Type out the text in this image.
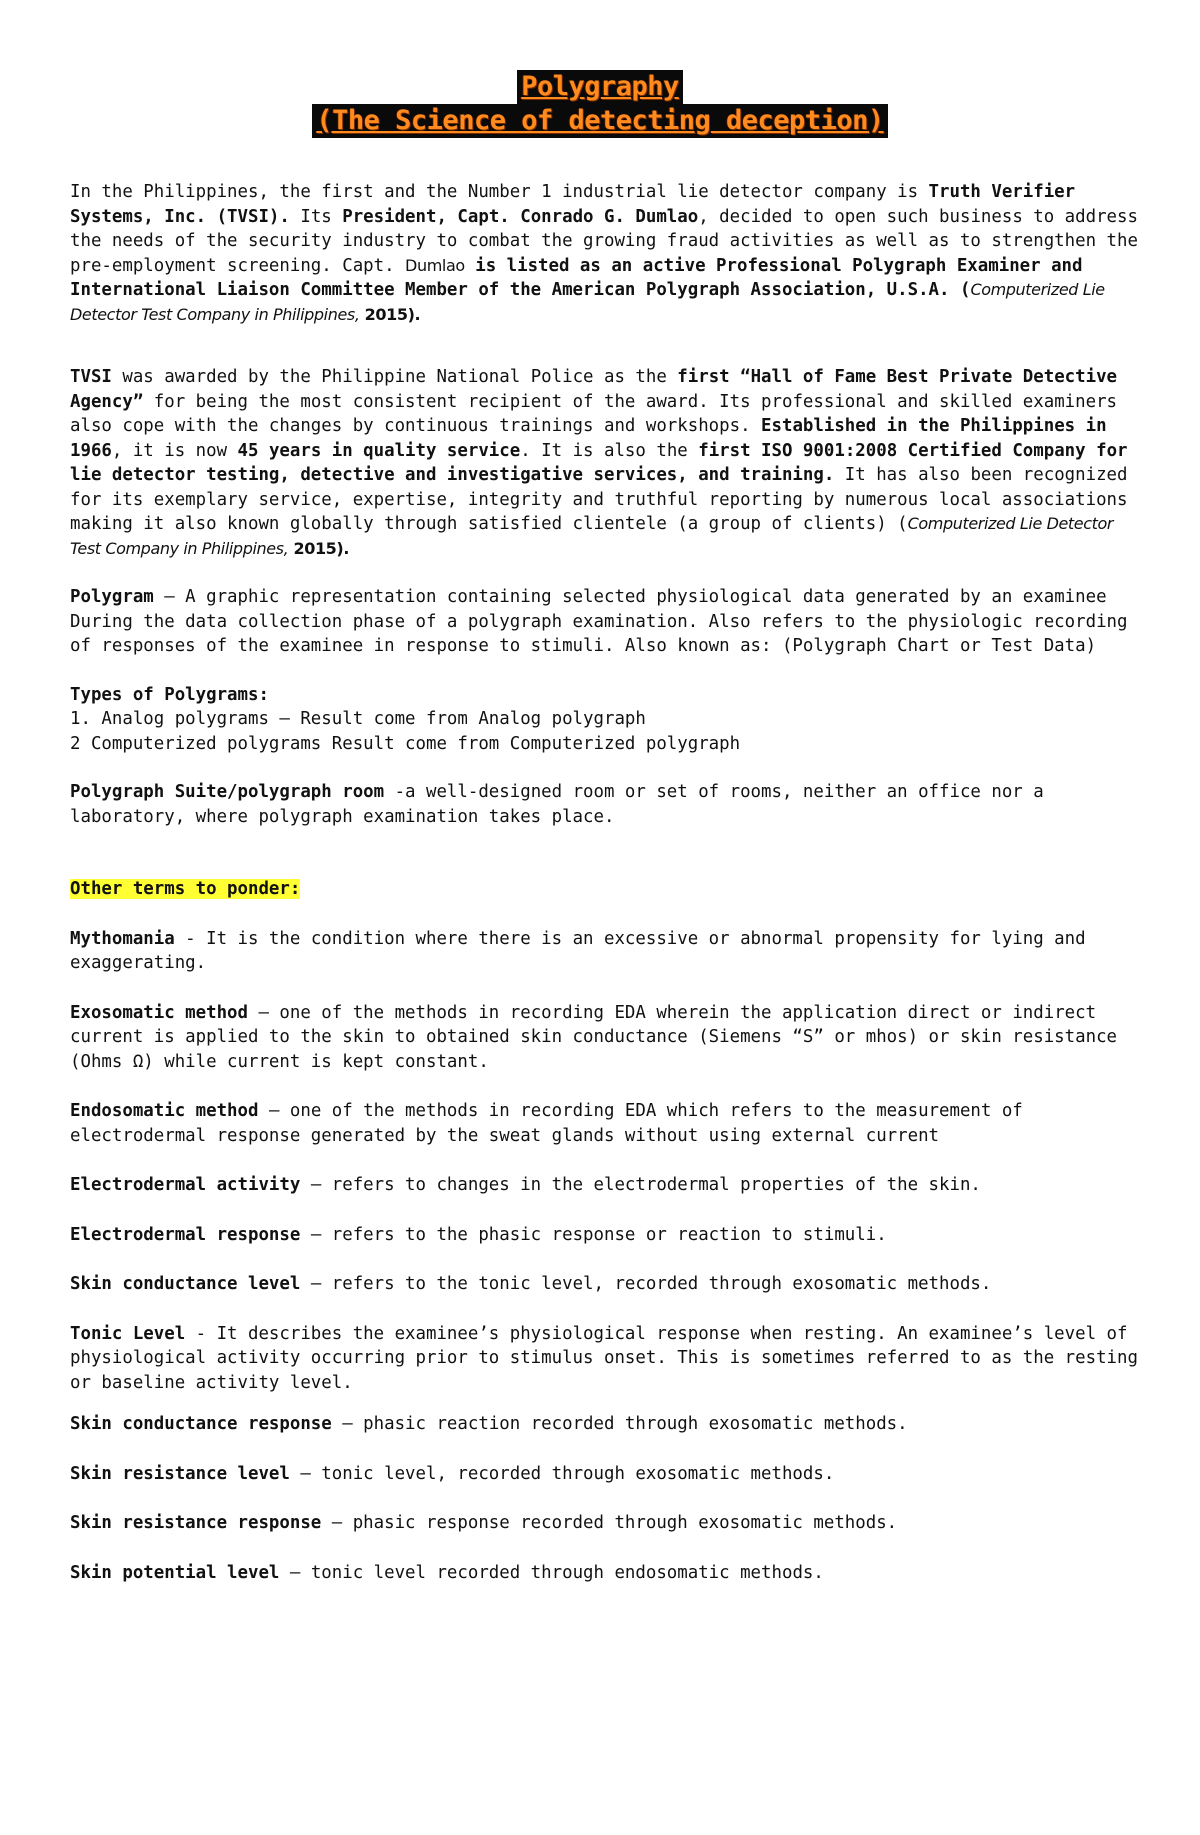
Polygraphy
(The Science of detecting deception)

In the Philippines, the first and the Number 1 industrial lie detector company is Truth Verifier Systems, Inc. (TVSI). Its President, Capt. Conrado G. Dumlao, decided to open such business to address the needs of the security industry to combat the growing fraud activities as well as to strengthen the pre-employment screening. Capt. Dumlao is listed as an active Professional Polygraph Examiner and International Liaison Committee Member of the American Polygraph Association, U.S.A. (Computerized Lie Detector Test Company in Philippines, 2015).

TVSI was awarded by the Philippine National Police as the first “Hall of Fame Best Private Detective Agency” for being the most consistent recipient of the award. Its professional and skilled examiners also cope with the changes by continuous trainings and workshops. Established in the Philippines in 1966, it is now 45 years in quality service. It is also the first ISO 9001:2008 Certified Company for lie detector testing, detective and investigative services, and training. It has also been recognized for its exemplary service, expertise, integrity and truthful reporting by numerous local associations making it also known globally through satisfied clientele (a group of clients) (Computerized Lie Detector Test Company in Philippines, 2015).

Polygram – A graphic representation containing selected physiological data generated by an examinee During the data collection phase of a polygraph examination. Also refers to the physiologic recording of responses of the examinee in response to stimuli. Also known as: (Polygraph Chart or Test Data)

Types of Polygrams:
1. Analog polygrams – Result come from Analog polygraph
2 Computerized polygrams Result come from Computerized polygraph

Polygraph Suite/polygraph room -a well-designed room or set of rooms, neither an office nor a laboratory, where polygraph examination takes place.

Other terms to ponder:

Mythomania - It is the condition where there is an excessive or abnormal propensity for lying and exaggerating.

Exosomatic method – one of the methods in recording EDA wherein the application direct or indirect current is applied to the skin to obtained skin conductance (Siemens “S” or mhos) or skin resistance (Ohms Ω) while current is kept constant.

Endosomatic method – one of the methods in recording EDA which refers to the measurement of electrodermal response generated by the sweat glands without using external current

Electrodermal activity – refers to changes in the electrodermal properties of the skin.

Electrodermal response – refers to the phasic response or reaction to stimuli.

Skin conductance level – refers to the tonic level, recorded through exosomatic methods.

Tonic Level - It describes the examinee’s physiological response when resting. An examinee’s level of physiological activity occurring prior to stimulus onset. This is sometimes referred to as the resting or baseline activity level.

Skin conductance response – phasic reaction recorded through exosomatic methods.

Skin resistance level – tonic level, recorded through exosomatic methods.

Skin resistance response – phasic response recorded through exosomatic methods.

Skin potential level – tonic level recorded through endosomatic methods.
